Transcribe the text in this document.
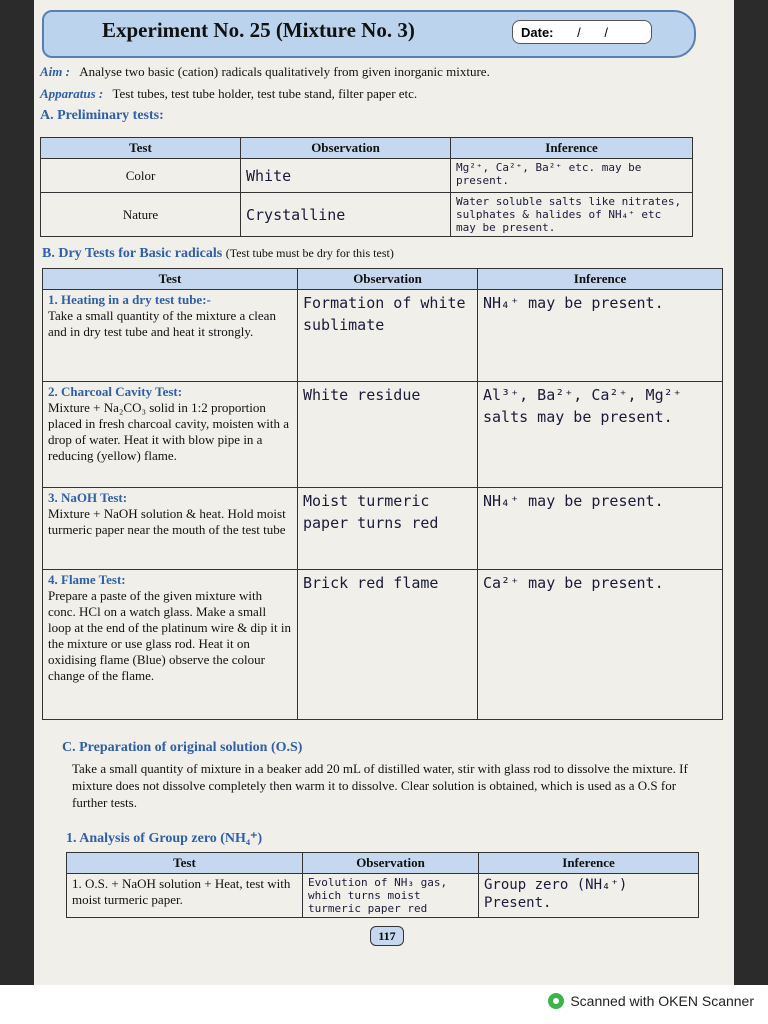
Experiment No. 25 (Mixture No. 3)	Date: / /
Aim : Analyse two basic (cation) radicals qualitatively from given inorganic mixture.
Apparatus : Test tubes, test tube holder, test tube stand, filter paper etc.
A. Preliminary tests:
Test	Observation	Inference
Color	White	Mg²⁺, Ca²⁺, Ba²⁺ etc. may be present.
Nature	Crystalline	Water soluble salts like nitrates, sulphates & halides of NH₄⁺ etc may be present.
B. Dry Tests for Basic radicals (Test tube must be dry for this test)
Test	Observation	Inference

1. Heating in a dry test tube:-
Take a small quantity of the mixture a clean and in dry test tube and heat it strongly.	Formation of white sublimate	NH₄⁺ may be present.

2. Charcoal Cavity Test:
Mixture + Na₂CO₃ solid in 1:2 proportion placed in fresh charcoal cavity, moisten with a drop of water. Heat it with blow pipe in a reducing (yellow) flame.	White residue	Al³⁺, Ba²⁺, Ca²⁺, Mg²⁺ salts may be present.

3. NaOH Test:
Mixture + NaOH solution & heat. Hold moist turmeric paper near the mouth of the test tube	Moist turmeric paper turns red	NH₄⁺ may be present.

4. Flame Test:
Prepare a paste of the given mixture with conc. HCl on a watch glass. Make a small loop at the end of the platinum wire & dip it in the mixture or use glass rod. Heat it on oxidising flame (Blue) observe the colour change of the flame.	Brick red flame	Ca²⁺ may be present.
C. Preparation of original solution (O.S)
Take a small quantity of mixture in a beaker add 20 mL of distilled water, stir with glass rod to dissolve the mixture. If mixture does not dissolve completely then warm it to dissolve. Clear solution is obtained, which is used as a O.S for further tests.
1. Analysis of Group zero (NH₄⁺)
Test	Observation	Inference
1. O.S. + NaOH solution + Heat, test with moist turmeric paper.	Evolution of NH₃ gas, which turns moist turmeric paper red	Group zero (NH₄⁺) Present.
117
Scanned with OKEN Scanner
